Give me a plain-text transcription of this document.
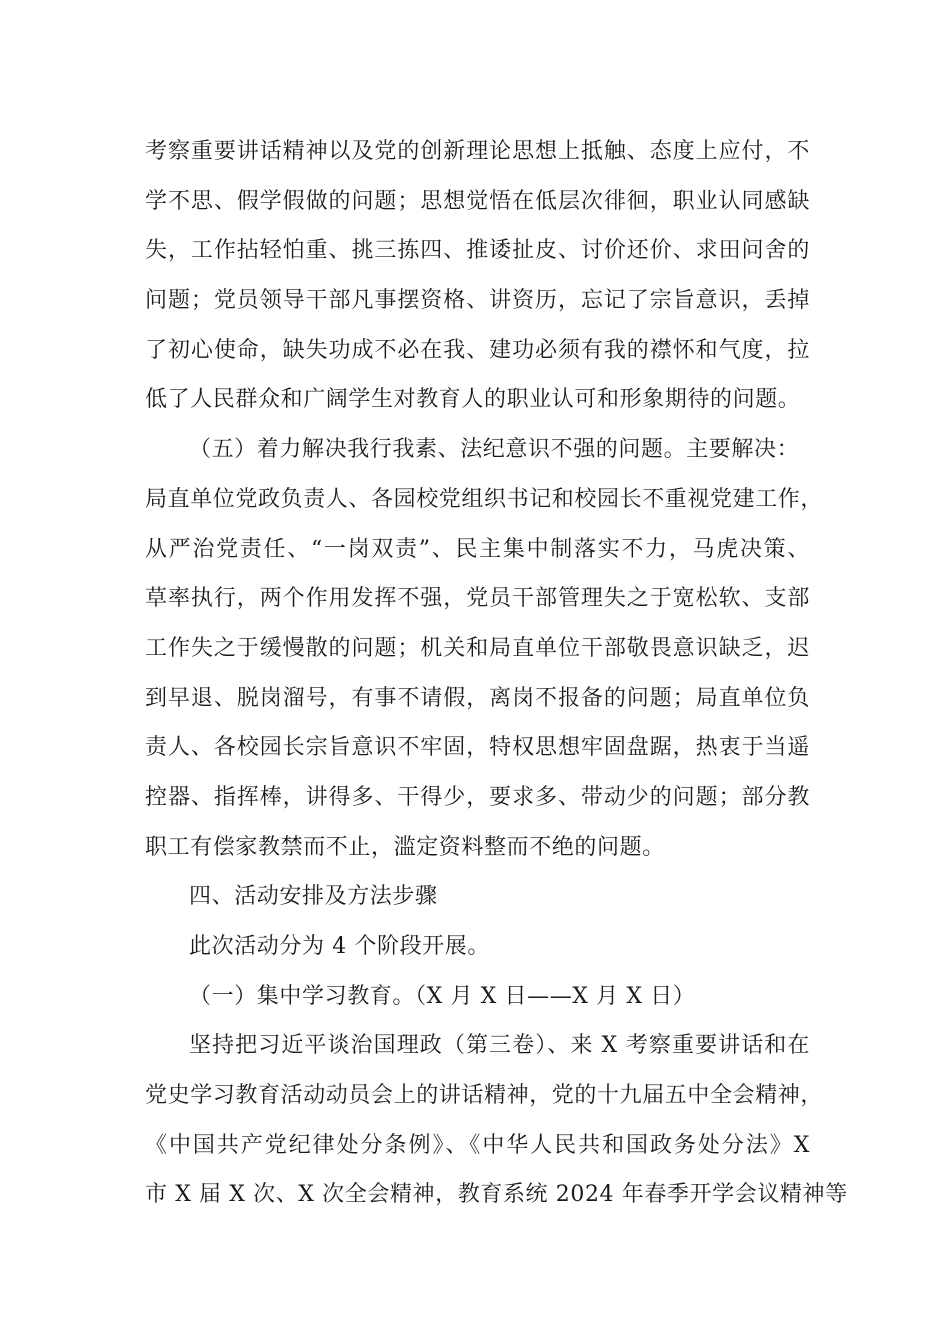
考察重要讲话精神以及党的创新理论思想上抵触、态度上应付，不
学不思、假学假做的问题；思想觉悟在低层次徘徊，职业认同感缺
失，工作拈轻怕重、挑三拣四、推诿扯皮、讨价还价、求田问舍的
问题；党员领导干部凡事摆资格、讲资历，忘记了宗旨意识，丢掉
了初心使命，缺失功成不必在我、建功必须有我的襟怀和气度，拉
低了人民群众和广阔学生对教育人的职业认可和形象期待的问题。
（五）着力解决我行我素、法纪意识不强的问题。主要解决：
局直单位党政负责人、各园校党组织书记和校园长不重视党建工作，
从严治党责任、“一岗双责”、民主集中制落实不力，马虎决策、
草率执行，两个作用发挥不强，党员干部管理失之于宽松软、支部
工作失之于缓慢散的问题；机关和局直单位干部敬畏意识缺乏，迟
到早退、脱岗溜号，有事不请假，离岗不报备的问题；局直单位负
责人、各校园长宗旨意识不牢固，特权思想牢固盘踞，热衷于当遥
控器、指挥棒，讲得多、干得少，要求多、带动少的问题；部分教
职工有偿家教禁而不止，滥定资料整而不绝的问题。
四、活动安排及方法步骤
此次活动分为 4 个阶段开展。
（一）集中学习教育。（X 月 X 日——X 月 X 日）
坚持把习近平谈治国理政（第三卷）、来 X 考察重要讲话和在
党史学习教育活动动员会上的讲话精神，党的十九届五中全会精神，
《中国共产党纪律处分条例》、《中华人民共和国政务处分法》X
市 X 届 X 次、X 次全会精神，教育系统 2024 年春季开学会议精神等
